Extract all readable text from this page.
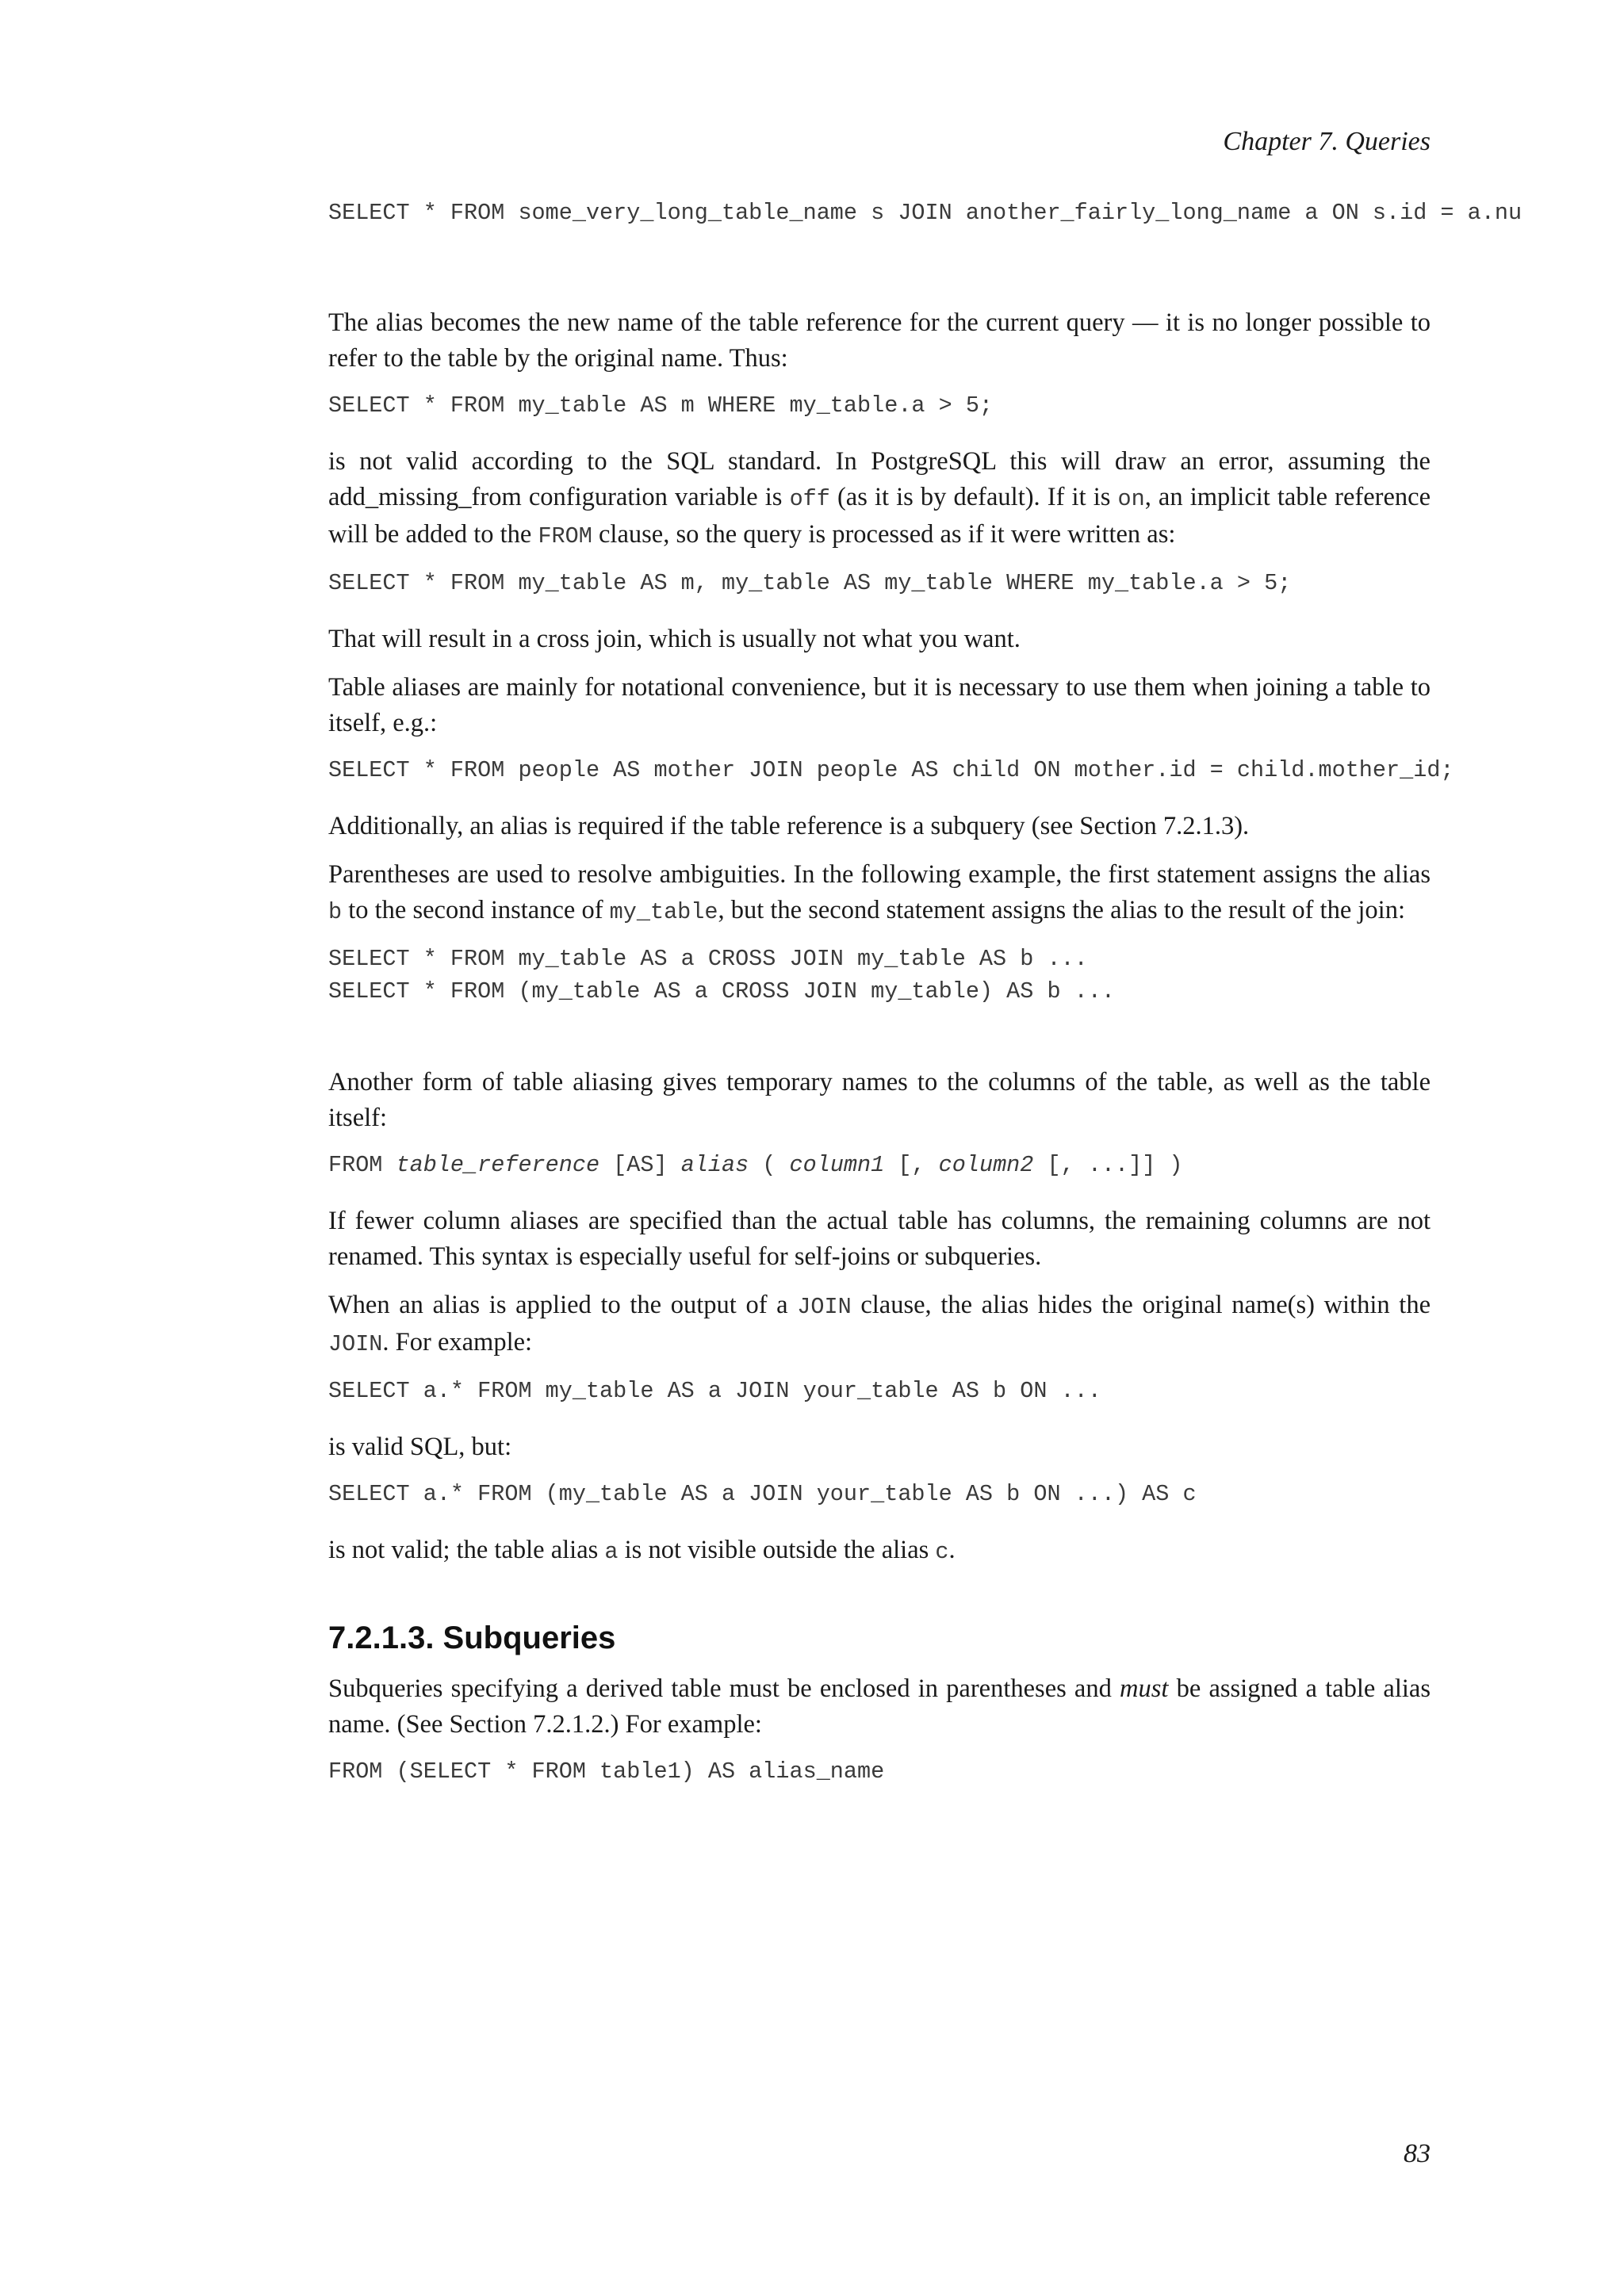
Chapter 7. Queries
SELECT * FROM some_very_long_table_name s JOIN another_fairly_long_name a ON s.id = a.nu

The alias becomes the new name of the table reference for the current query — it is no longer possible to refer to the table by the original name. Thus:

SELECT * FROM my_table AS m WHERE my_table.a > 5;

is not valid according to the SQL standard. In PostgreSQL this will draw an error, assuming the add_missing_from configuration variable is off (as it is by default). If it is on, an implicit table reference will be added to the FROM clause, so the query is processed as if it were written as:

SELECT * FROM my_table AS m, my_table AS my_table WHERE my_table.a > 5;

That will result in a cross join, which is usually not what you want.

Table aliases are mainly for notational convenience, but it is necessary to use them when joining a table to itself, e.g.:

SELECT * FROM people AS mother JOIN people AS child ON mother.id = child.mother_id;

Additionally, an alias is required if the table reference is a subquery (see Section 7.2.1.3).

Parentheses are used to resolve ambiguities. In the following example, the first statement assigns the alias b to the second instance of my_table, but the second statement assigns the alias to the result of the join:

SELECT * FROM my_table AS a CROSS JOIN my_table AS b ...
SELECT * FROM (my_table AS a CROSS JOIN my_table) AS b ...

Another form of table aliasing gives temporary names to the columns of the table, as well as the table itself:

FROM table_reference [AS] alias ( column1 [, column2 [, ...]] )

If fewer column aliases are specified than the actual table has columns, the remaining columns are not renamed. This syntax is especially useful for self-joins or subqueries.

When an alias is applied to the output of a JOIN clause, the alias hides the original name(s) within the JOIN. For example:

SELECT a.* FROM my_table AS a JOIN your_table AS b ON ...

is valid SQL, but:

SELECT a.* FROM (my_table AS a JOIN your_table AS b ON ...) AS c

is not valid; the table alias a is not visible outside the alias c.

7.2.1.3. Subqueries

Subqueries specifying a derived table must be enclosed in parentheses and must be assigned a table alias name. (See Section 7.2.1.2.) For example:

FROM (SELECT * FROM table1) AS alias_name
83
